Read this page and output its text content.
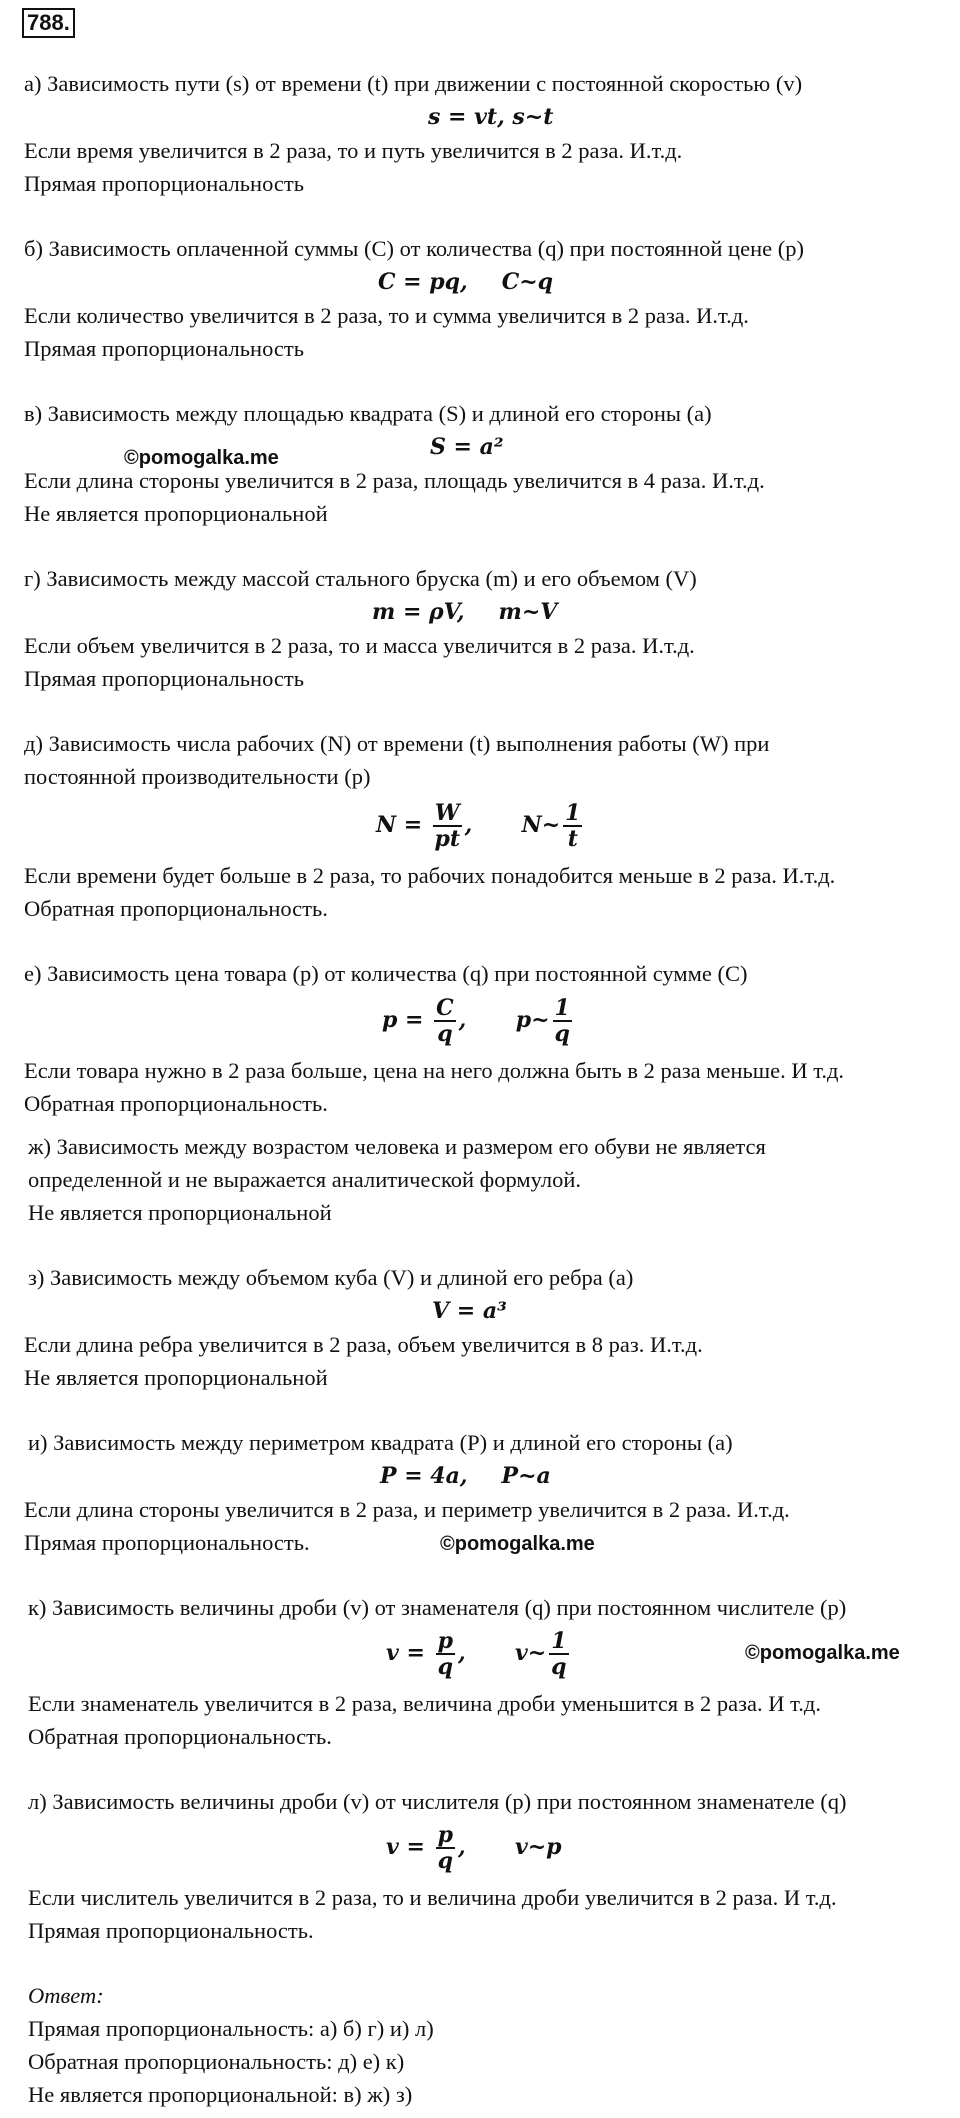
788.
а) Зависимость пути (s) от времени (t) при движении с постоянной скоростью (v)
s = vt, s~t
Если время увеличится в 2 раза, то и путь увеличится в 2 раза. И.т.д.
Прямая пропорциональность
б) Зависимость оплаченной суммы (C) от количества (q) при постоянной цене (p)
C = pq, C~q
Если количество увеличится в 2 раза, то и сумма увеличится в 2 раза. И.т.д.
Прямая пропорциональность
в) Зависимость между площадью квадрата (S) и длиной его стороны (a)
©pomogalka.me	S = a²
Если длина стороны увеличится в 2 раза, площадь увеличится в 4 раза. И.т.д.
Не является пропорциональной
г) Зависимость между массой стального бруска (m) и его объемом (V)
m = ρV, m~V
Если объем увеличится в 2 раза, то и масса увеличится в 2 раза. И.т.д.
Прямая пропорциональность
д) Зависимость числа рабочих (N) от времени (t) выполнения работы (W) при
постоянной производительности (p)
$N = \frac{W}{pt}$ , N~ $\frac{1}{t}$
Если времени будет больше в 2 раза, то рабочих понадобится меньше в 2 раза. И.т.д.
Обратная пропорциональность.
е) Зависимость цена товара (p) от количества (q) при постоянной сумме (C)
$p = \frac{C}{q}$ , p~ $\frac{1}{q}$
Если товара нужно в 2 раза больше, цена на него должна быть в 2 раза меньше. И т.д.
Обратная пропорциональность.
ж) Зависимость между возрастом человека и размером его обуви не является
определенной и не выражается аналитической формулой.
Не является пропорциональной
з) Зависимость между объемом куба (V) и длиной его ребра (a)
V = a³
Если длина ребра увеличится в 2 раза, объем увеличится в 8 раз. И.т.д.
Не является пропорциональной
и) Зависимость между периметром квадрата (P) и длиной его стороны (a)
P = 4a, P~a
Если длина стороны увеличится в 2 раза, и периметр увеличится в 2 раза. И.т.д.
Прямая пропорциональность.	©pomogalka.me
к) Зависимость величины дроби (v) от знаменателя (q) при постоянном числителе (p)
$v = \frac{p}{q}$ , v~ $\frac{1}{q}$	©pomogalka.me
Если знаменатель увеличится в 2 раза, величина дроби уменьшится в 2 раза. И т.д.
Обратная пропорциональность.
л) Зависимость величины дроби (v) от числителя (p) при постоянном знаменателе (q)
$v = \frac{p}{q}$ , v~p
Если числитель увеличится в 2 раза, то и величина дроби увеличится в 2 раза. И т.д.
Прямая пропорциональность.
Ответ:
Прямая пропорциональность: а) б) г) и) л)
Обратная пропорциональность: д) е) к)
Не является пропорциональной: в) ж) з)
